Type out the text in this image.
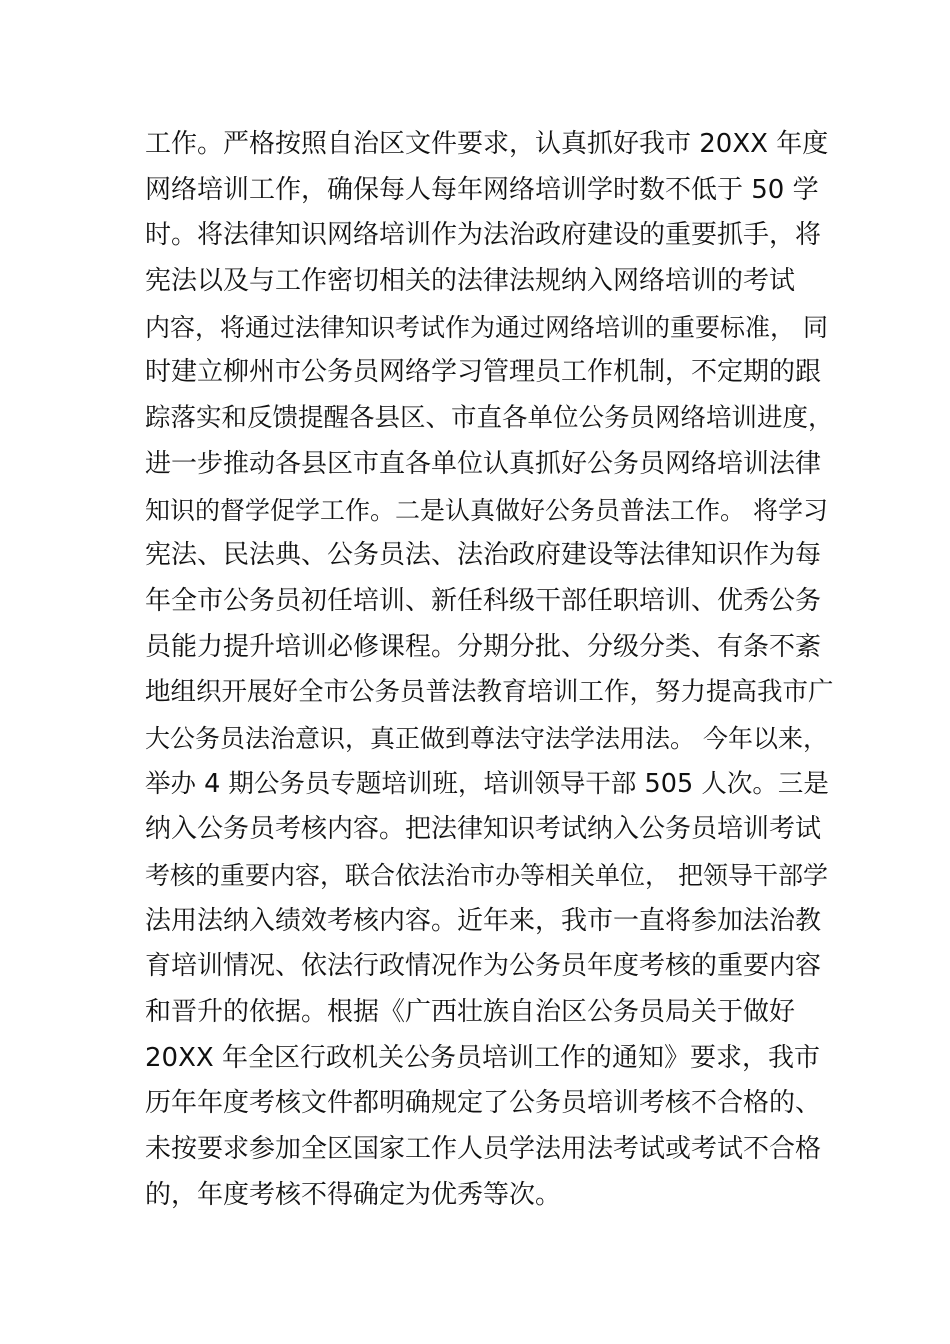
工作。严格按照自治区文件要求，认真抓好我市 20XX 年度
网络培训工作，确保每人每年网络培训学时数不低于 50 学
时。将法律知识网络培训作为法治政府建设的重要抓手，将
宪法以及与工作密切相关的法律法规纳入网络培训的考试
内容，将通过法律知识考试作为通过网络培训的重要标准， 同
时建立柳州市公务员网络学习管理员工作机制，不定期的跟
踪落实和反馈提醒各县区、市直各单位公务员网络培训进度，
进一步推动各县区市直各单位认真抓好公务员网络培训法律
知识的督学促学工作。二是认真做好公务员普法工作。 将学习
宪法、民法典、公务员法、法治政府建设等法律知识作为每
年全市公务员初任培训、新任科级干部任职培训、优秀公务
员能力提升培训必修课程。分期分批、分级分类、有条不紊
地组织开展好全市公务员普法教育培训工作，努力提高我市广
大公务员法治意识，真正做到尊法守法学法用法。 今年以来，
举办 4 期公务员专题培训班，培训领导干部 505 人次。三是
纳入公务员考核内容。把法律知识考试纳入公务员培训考试
考核的重要内容，联合依法治市办等相关单位， 把领导干部学
法用法纳入绩效考核内容。近年来，我市一直将参加法治教
育培训情况、依法行政情况作为公务员年度考核的重要内容
和晋升的依据。根据《广西壮族自治区公务员局关于做好
20XX 年全区行政机关公务员培训工作的通知》要求，我市
历年年度考核文件都明确规定了公务员培训考核不合格的、
未按要求参加全区国家工作人员学法用法考试或考试不合格
的，年度考核不得确定为优秀等次。
